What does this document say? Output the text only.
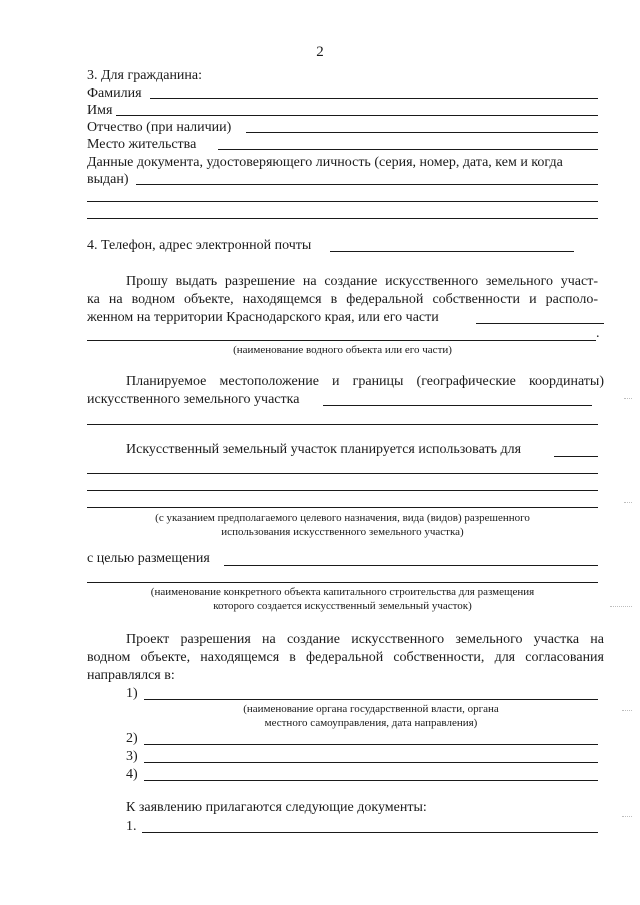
2
3. Для гражданина:
Фамилия
Имя
Отчество (при наличии)
Место жительства
Данные документа, удостоверяющего личность (серия, номер, дата, кем и когда
выдан)
4. Телефон, адрес электронной почты
Прошу выдать разрешение на создание искусственного земельного участ-
ка на водном объекте, находящемся в федеральной собственности и располо-
женном на территории Краснодарского края, или его части
.
(наименование водного объекта или его части)
Планируемое местоположение и границы (географические координаты)
искусственного земельного участка
Искусственный земельный участок планируется использовать для
(с указанием предполагаемого целевого назначения, вида (видов) разрешенного
использования искусственного земельного участка)
с целью размещения
(наименование конкретного объекта капитального строительства для размещения
которого создается искусственный земельный участок)
Проект разрешения на создание искусственного земельного участка на
водном объекте, находящемся в федеральной собственности, для согласования
направлялся в:
1)
(наименование органа государственной власти, органа
местного самоуправления, дата направления)
2)
3)
4)
К заявлению прилагаются следующие документы:
1.
